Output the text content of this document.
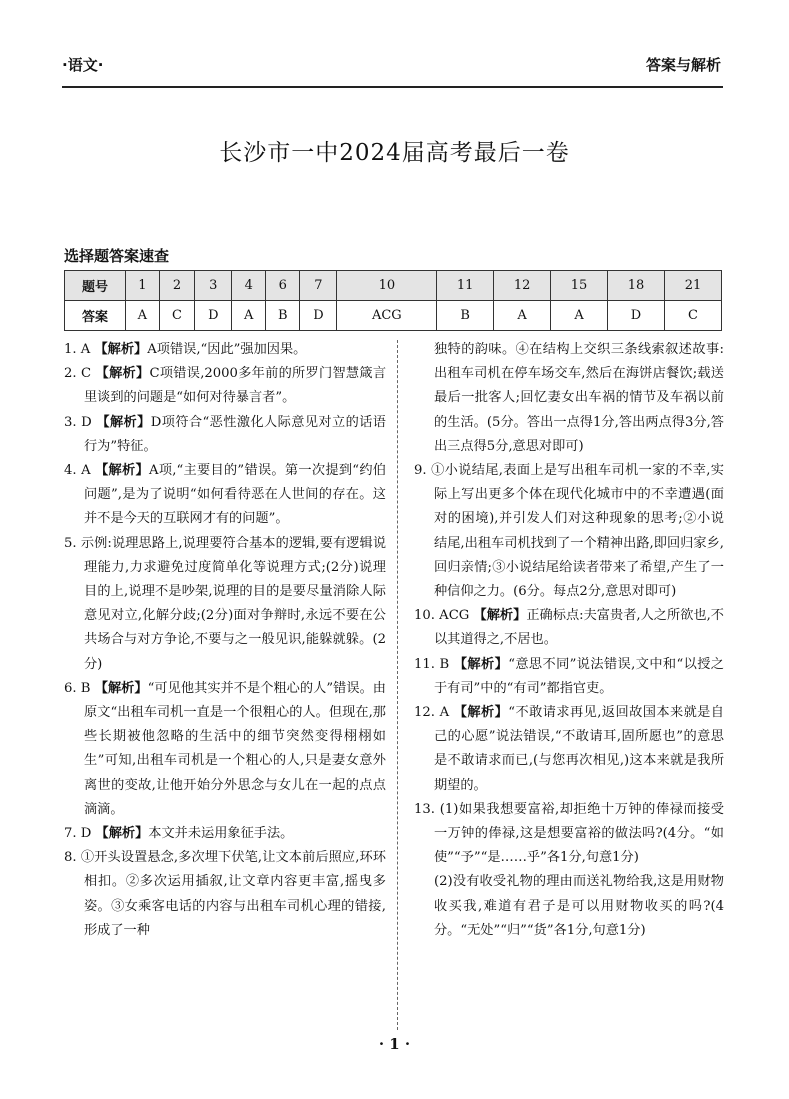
·语文·	答案与解析
长沙市一中2024届高考最后一卷
选择题答案速查
题号	1	2	3	4	6	7	10	11	12	15	18	21
答案	A	C	D	A	B	D	ACG	B	A	A	D	C
1. A 【解析】A项错误,“因此”强加因果。
2. C 【解析】C项错误,2000多年前的所罗门智慧箴言里谈到的问题是“如何对待暴言者”。
3. D 【解析】D项符合“恶性激化人际意见对立的话语行为”特征。
4. A 【解析】A项,“主要目的”错误。第一次提到“约伯问题”,是为了说明“如何看待恶在人世间的存在。这并不是今天的互联网才有的问题”。
5. 示例:说理思路上,说理要符合基本的逻辑,要有逻辑说理能力,力求避免过度简单化等说理方式;(2分)说理目的上,说理不是吵架,说理的目的是要尽量消除人际意见对立,化解分歧;(2分)面对争辩时,永远不要在公共场合与对方争论,不要与之一般见识,能躲就躲。(2分)
6. B 【解析】“可见他其实并不是个粗心的人”错误。由原文“出租车司机一直是一个很粗心的人。但现在,那些长期被他忽略的生活中的细节突然变得栩栩如生”可知,出租车司机是一个粗心的人,只是妻女意外离世的变故,让他开始分外思念与女儿在一起的点点滴滴。
7. D 【解析】本文并未运用象征手法。
8. ①开头设置悬念,多次埋下伏笔,让文本前后照应,环环相扣。②多次运用插叙,让文章内容更丰富,摇曳多姿。③女乘客电话的内容与出租车司机心理的错接,形成了一种
独特的韵味。④在结构上交织三条线索叙述故事:出租车司机在停车场交车,然后在海饼店餐饮;载送最后一批客人;回忆妻女出车祸的情节及车祸以前的生活。(5分。答出一点得1分,答出两点得3分,答出三点得5分,意思对即可)
9. ①小说结尾,表面上是写出租车司机一家的不幸,实际上写出更多个体在现代化城市中的不幸遭遇(面对的困境),并引发人们对这种现象的思考;②小说结尾,出租车司机找到了一个精神出路,即回归家乡,回归亲情;③小说结尾给读者带来了希望,产生了一种信仰之力。(6分。每点2分,意思对即可)
10. ACG 【解析】正确标点:夫富贵者,人之所欲也,不以其道得之,不居也。
11. B 【解析】“意思不同”说法错误,文中和“以授之于有司”中的“有司”都指官吏。
12. A 【解析】“不敢请求再见,返回故国本来就是自己的心愿”说法错误,“不敢请耳,固所愿也”的意思是不敢请求而已,(与您再次相见,)这本来就是我所期望的。
13. (1)如果我想要富裕,却拒绝十万钟的俸禄而接受一万钟的俸禄,这是想要富裕的做法吗?(4分。“如使”“予”“是……乎”各1分,句意1分)
(2)没有收受礼物的理由而送礼物给我,这是用财物收买我,难道有君子是可以用财物收买的吗?(4分。“无处”“归”“货”各1分,句意1分)
· 1 ·
